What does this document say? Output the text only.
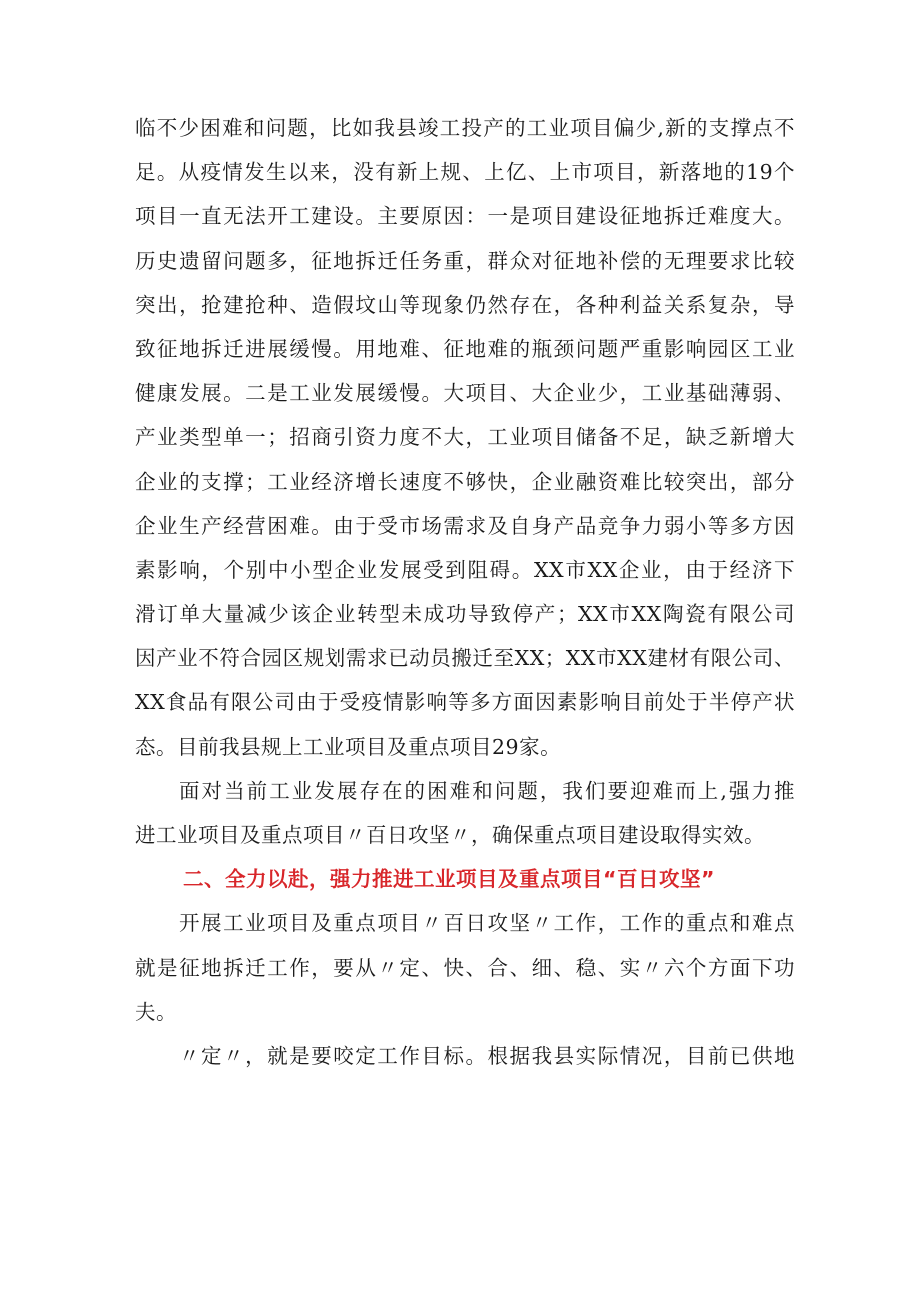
临不少困难和问题，比如我县竣工投产的工业项目偏少,新的支撑点不
足。从疫情发生以来，没有新上规、上亿、上市项目，新落地的19个
项目一直无法开工建设。主要原因：一是项目建设征地拆迁难度大。
历史遗留问题多，征地拆迁任务重，群众对征地补偿的无理要求比较
突出，抢建抢种、造假坟山等现象仍然存在，各种利益关系复杂，导
致征地拆迁进展缓慢。用地难、征地难的瓶颈问题严重影响园区工业
健康发展。二是工业发展缓慢。大项目、大企业少，工业基础薄弱、
产业类型单一；招商引资力度不大，工业项目储备不足，缺乏新增大
企业的支撑；工业经济增长速度不够快，企业融资难比较突出，部分
企业生产经营困难。由于受市场需求及自身产品竞争力弱小等多方因
素影响，个别中小型企业发展受到阻碍。XX市XX企业，由于经济下
滑订单大量减少该企业转型未成功导致停产；XX市XX陶瓷有限公司
因产业不符合园区规划需求已动员搬迁至XX；XX市XX建材有限公司、
XX食品有限公司由于受疫情影响等多方面因素影响目前处于半停产状
态。目前我县规上工业项目及重点项目29家。
面对当前工业发展存在的困难和问题，我们要迎难而上,强力推
进工业项目及重点项目〃百日攻坚〃，确保重点项目建设取得实效。
二、全力以赴，强力推进工业项目及重点项目“百日攻坚”
开展工业项目及重点项目〃百日攻坚〃工作，工作的重点和难点
就是征地拆迁工作，要从〃定、快、合、细、稳、实〃六个方面下功
夫。
〃定〃，就是要咬定工作目标。根据我县实际情况，目前已供地
